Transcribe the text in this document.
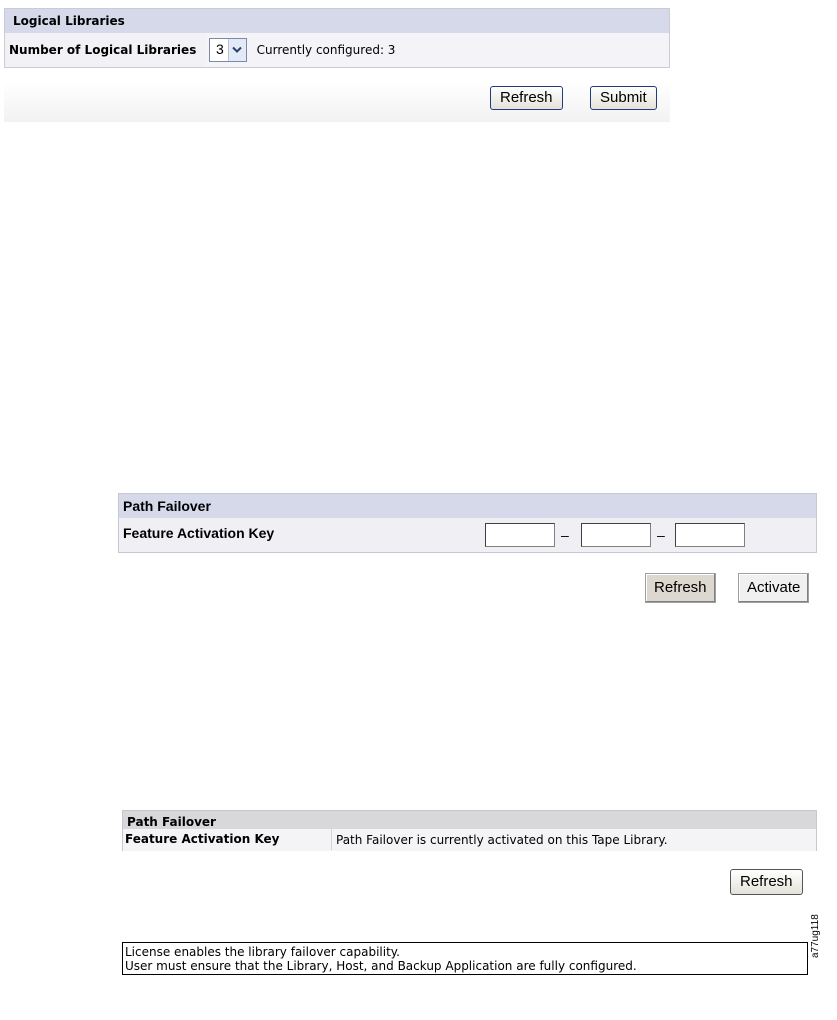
Logical Libraries
Number of Logical Libraries	3	Currently configured: 3
Refresh	Submit
Path Failover
Feature Activation Key	–	–
Refresh	Activate
Path Failover
Feature Activation Key	Path Failover is currently activated on this Tape Library.
Refresh
License enables the library failover capability.
User must ensure that the Library, Host, and Backup Application are fully configured.
a77ug118
